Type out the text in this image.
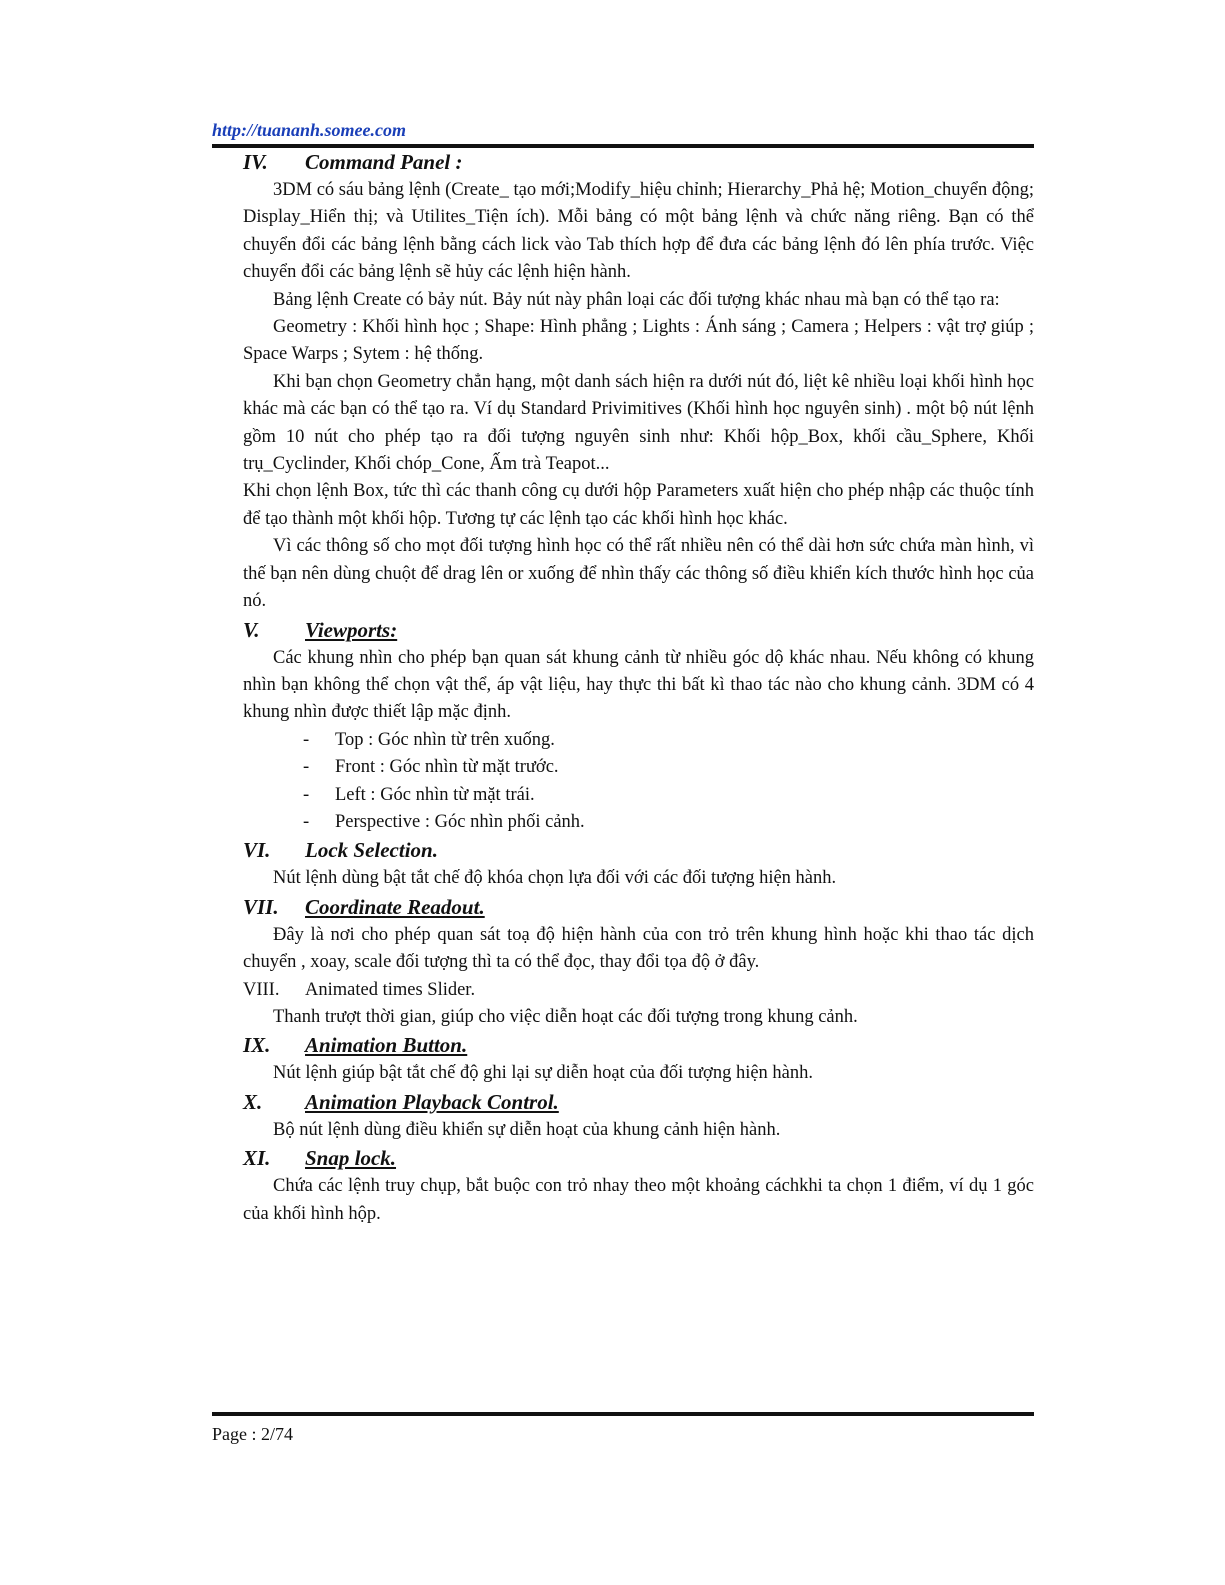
http://tuananh.somee.com
IV.	Command Panel :

3DM có sáu bảng lệnh (Create_ tạo mới;Modify_hiệu chỉnh; Hierarchy_Phả hệ; Motion_chuyển động; Display_Hiển thị; và Utilites_Tiện ích). Mỗi bảng có một bảng lệnh và chức năng riêng. Bạn có thể chuyển đổi các bảng lệnh bằng cách lick vào Tab thích hợp để đưa các bảng lệnh đó lên phía trước. Việc chuyển đổi các bảng lệnh sẽ hủy các lệnh hiện hành.

Bảng lệnh Create có bảy nút. Bảy nút này phân loại các đối tượng khác nhau mà bạn có thể tạo ra:

Geometry : Khối hình học ; Shape: Hình phẳng ; Lights : Ánh sáng ; Camera ; Helpers : vật trợ giúp ; Space Warps ; Sytem : hệ thống.

Khi bạn chọn Geometry chẳn hạng, một danh sách hiện ra dưới nút đó, liệt kê nhiều loại khối hình học khác mà các bạn có thể tạo ra. Ví dụ Standard Privimitives (Khối hình học nguyên sinh) . một bộ nút lệnh gồm 10 nút cho phép tạo ra đối tượng nguyên sinh như: Khối hộp_Box, khối cầu_Sphere, Khối trụ_Cyclinder, Khối chóp_Cone, Ấm trà Teapot...

Khi chọn lệnh Box, tức thì các thanh công cụ dưới hộp Parameters xuất hiện cho phép nhập các thuộc tính để tạo thành một khối hộp. Tương tự các lệnh tạo các khối hình học khác.

Vì các thông số cho mọt đối tượng hình học có thể rất nhiều nên có thể dài hơn sức chứa màn hình, vì thế bạn nên dùng chuột để drag lên or xuống để nhìn thấy các thông số điều khiển kích thước hình học của nó.

V.	Viewports:

Các khung nhìn cho phép bạn quan sát khung cảnh từ nhiều góc dộ khác nhau. Nếu không có khung nhìn bạn không thể chọn vật thể, áp vật liệu, hay thực thi bất kì thao tác nào cho khung cảnh. 3DM có 4 khung nhìn được thiết lập mặc định.

- Top : Góc nhìn từ trên xuống.
- Front : Góc nhìn từ mặt trước.
- Left : Góc nhìn từ mặt trái.
- Perspective : Góc nhìn phối cảnh.
VI.	Lock Selection.

Nút lệnh dùng bật tắt chế độ khóa chọn lựa đối với các đối tượng hiện hành.

VII.	Coordinate Readout.

Đây là nơi cho phép quan sát toạ độ hiện hành của con trỏ trên khung hình hoặc khi thao tác dịch chuyển , xoay, scale đối tượng thì ta có thể đọc, thay đổi tọa độ ở đây.

VIII.	Animated times Slider.

Thanh trượt thời gian, giúp cho việc diễn hoạt các đối tượng trong khung cảnh.

IX.	Animation Button.

Nút lệnh giúp bật tắt chế độ ghi lại sự diễn hoạt của đối tượng hiện hành.

X.	Animation Playback Control.

Bộ nút lệnh dùng điều khiển sự diễn hoạt của khung cảnh hiện hành.

XI.	Snap lock.

Chứa các lệnh truy chụp, bắt buộc con trỏ nhay theo một khoảng cáchkhi ta chọn 1 điểm, ví dụ 1 góc của khối hình hộp.

Page : 2/74
